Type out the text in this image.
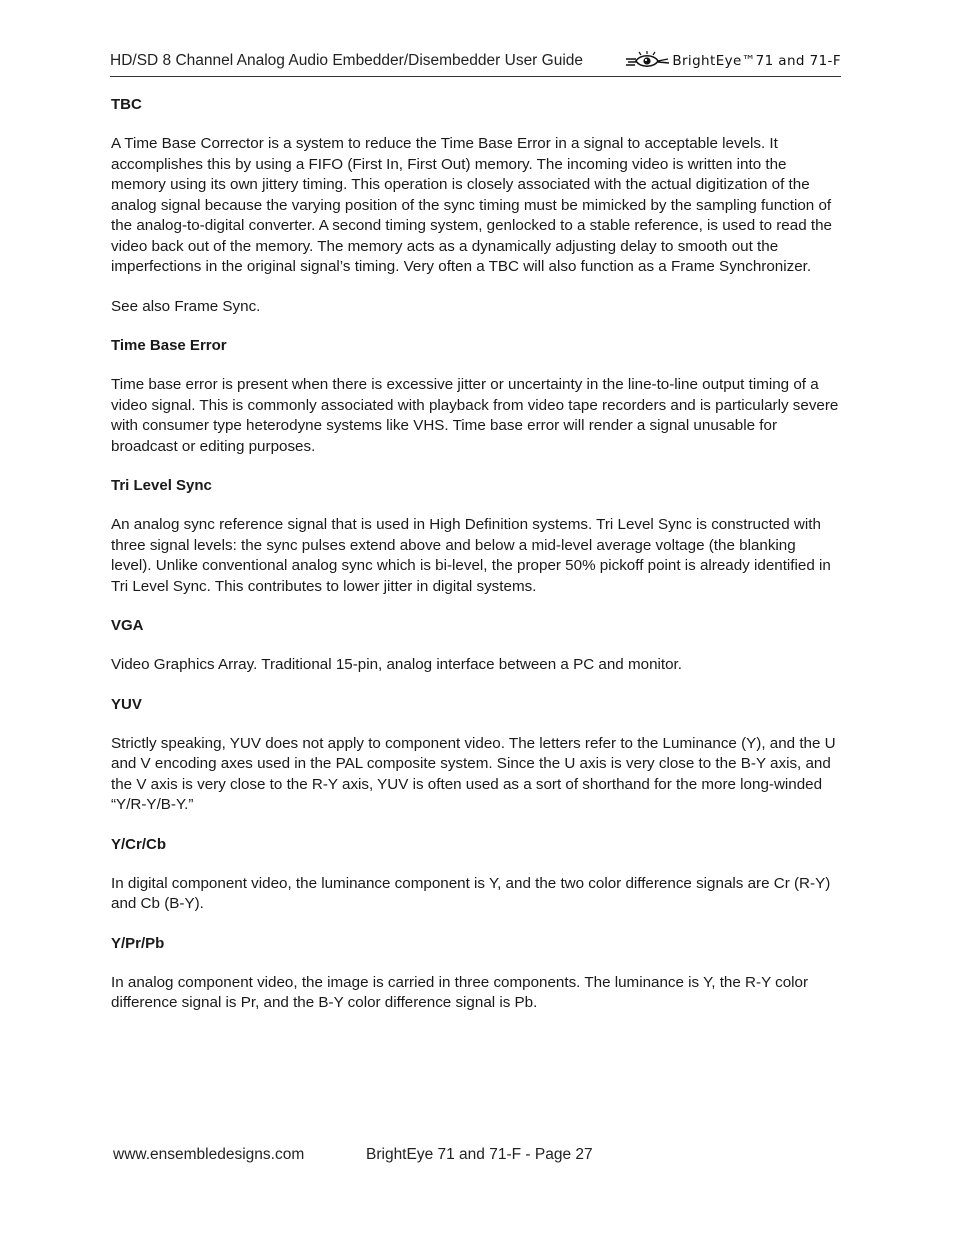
HD/SD 8 Channel Analog Audio Embedder/Disembedder User Guide	BrightEye™71 and 71-F

TBC

A Time Base Corrector is a system to reduce the Time Base Error in a signal to acceptable levels. It accomplishes this by using a FIFO (First In, First Out) memory. The incoming video is written into the memory using its own jittery timing. This operation is closely associated with the actual digitization of the analog signal because the varying position of the sync timing must be mimicked by the sampling function of the analog-to-digital converter. A second timing system, genlocked to a stable reference, is used to read the video back out of the memory. The memory acts as a dynamically adjusting delay to smooth out the imperfections in the original signal’s timing. Very often a TBC will also function as a Frame Synchronizer.

See also Frame Sync.

Time Base Error

Time base error is present when there is excessive jitter or uncertainty in the line-to-line output timing of a video signal. This is commonly associated with playback from video tape recorders and is particularly severe with consumer type heterodyne systems like VHS. Time base error will render a signal unusable for broadcast or editing purposes.

Tri Level Sync

An analog sync reference signal that is used in High Definition systems. Tri Level Sync is constructed with three signal levels: the sync pulses extend above and below a mid-level average voltage (the blanking level). Unlike conventional analog sync which is bi-level, the proper 50% pickoff point is already identified in Tri Level Sync. This contributes to lower jitter in digital systems.

VGA

Video Graphics Array. Traditional 15-pin, analog interface between a PC and monitor.

YUV

Strictly speaking, YUV does not apply to component video. The letters refer to the Luminance (Y), and the U and V encoding axes used in the PAL composite system. Since the U axis is very close to the B-Y axis, and the V axis is very close to the R-Y axis, YUV is often used as a sort of shorthand for the more long-winded “Y/R-Y/B-Y.”

Y/Cr/Cb

In digital component video, the luminance component is Y, and the two color difference signals are Cr (R-Y) and Cb (B-Y).

Y/Pr/Pb

In analog component video, the image is carried in three components. The luminance is Y, the R-Y color difference signal is Pr, and the B-Y color difference signal is Pb.

www.ensembledesigns.com	BrightEye 71 and 71-F - Page 27
